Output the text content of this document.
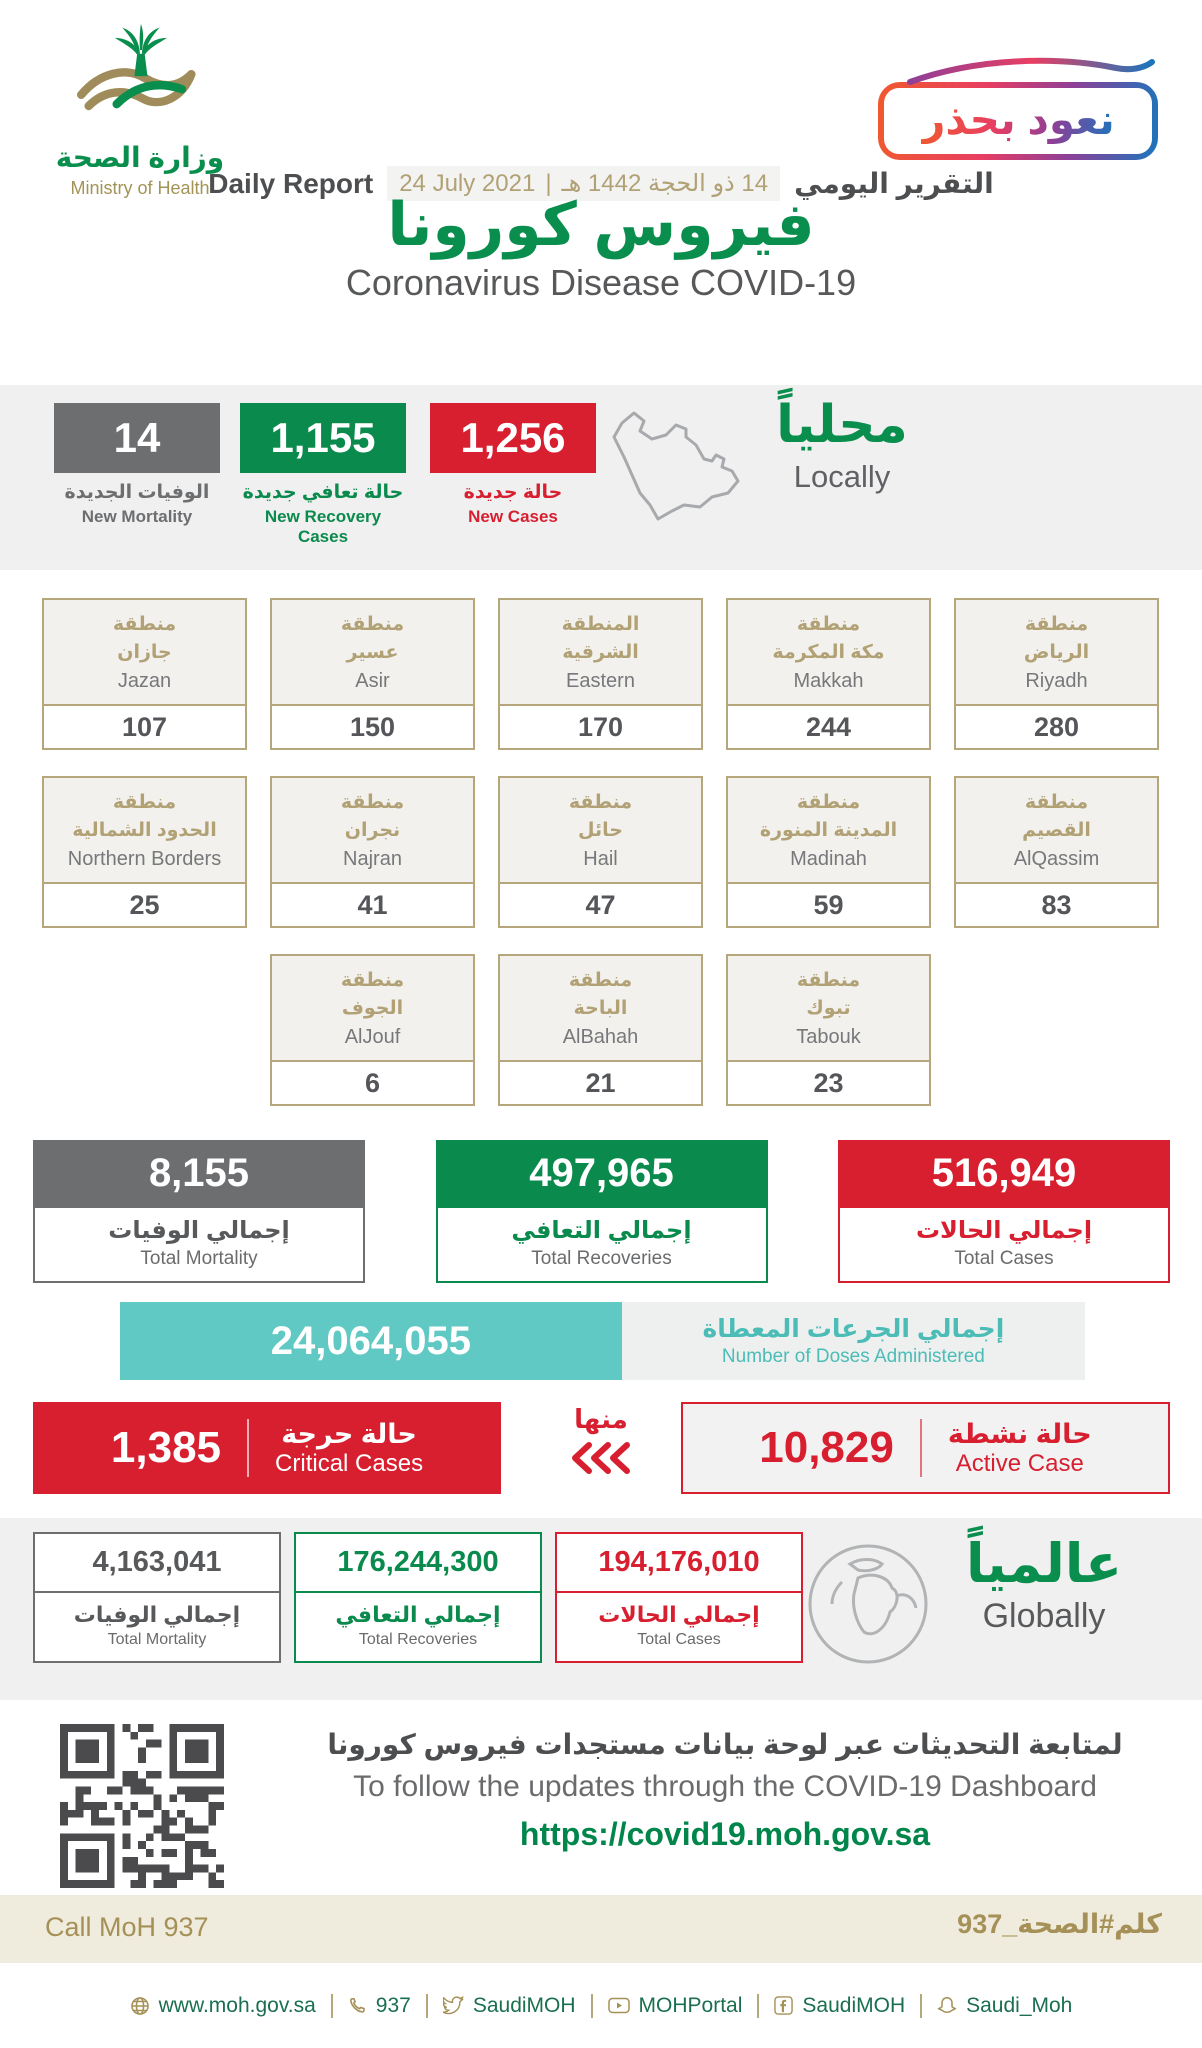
وزارة الصحة
Ministry of Health
نعود بحذر
Daily Report 24 July 2021 | 14 ذو الحجة 1442 هـ التقرير اليومي
فيروس كورونا
Coronavirus Disease COVID-19
14
الوفيات الجديدة
New Mortality
1,155
حالة تعافي جديدة
New Recovery Cases
1,256
حالة جديدة
New Cases
محلياً
Locally
منطقة
جازان
Jazan
107
منطقة
عسير
Asir
150
المنطقة
الشرقية
Eastern
170
منطقة
مكة المكرمة
Makkah
244
منطقة
الرياض
Riyadh
280
منطقة
الحدود الشمالية
Northern Borders
25
منطقة
نجران
Najran
41
منطقة
حائل
Hail
47
منطقة
المدينة المنورة
Madinah
59
منطقة
القصيم
AlQassim
83
منطقة
الجوف
AlJouf
6
منطقة
الباحة
AlBahah
21
منطقة
تبوك
Tabouk
23
8,155
إجمالي الوفيات
Total Mortality
497,965
إجمالي التعافي
Total Recoveries
516,949
إجمالي الحالات
Total Cases
24,064,055	إجمالي الجرعات المعطاة
Number of Doses Administered
1,385 حالة حرجة
Critical Cases
منها
10,829 حالة نشطة
Active Case
4,163,041
إجمالي الوفيات
Total Mortality
176,244,300
إجمالي التعافي
Total Recoveries
194,176,010
إجمالي الحالات
Total Cases
عالمياً
Globally
لمتابعة التحديثات عبر لوحة بيانات مستجدات فيروس كورونا
To follow the updates through the COVID-19 Dashboard
https://covid19.moh.gov.sa
Call MoH 937	كلم#الصحة_937
www.moh.gov.sa	937	SaudiMOH	MOHPortal	SaudiMOH	Saudi_Moh
